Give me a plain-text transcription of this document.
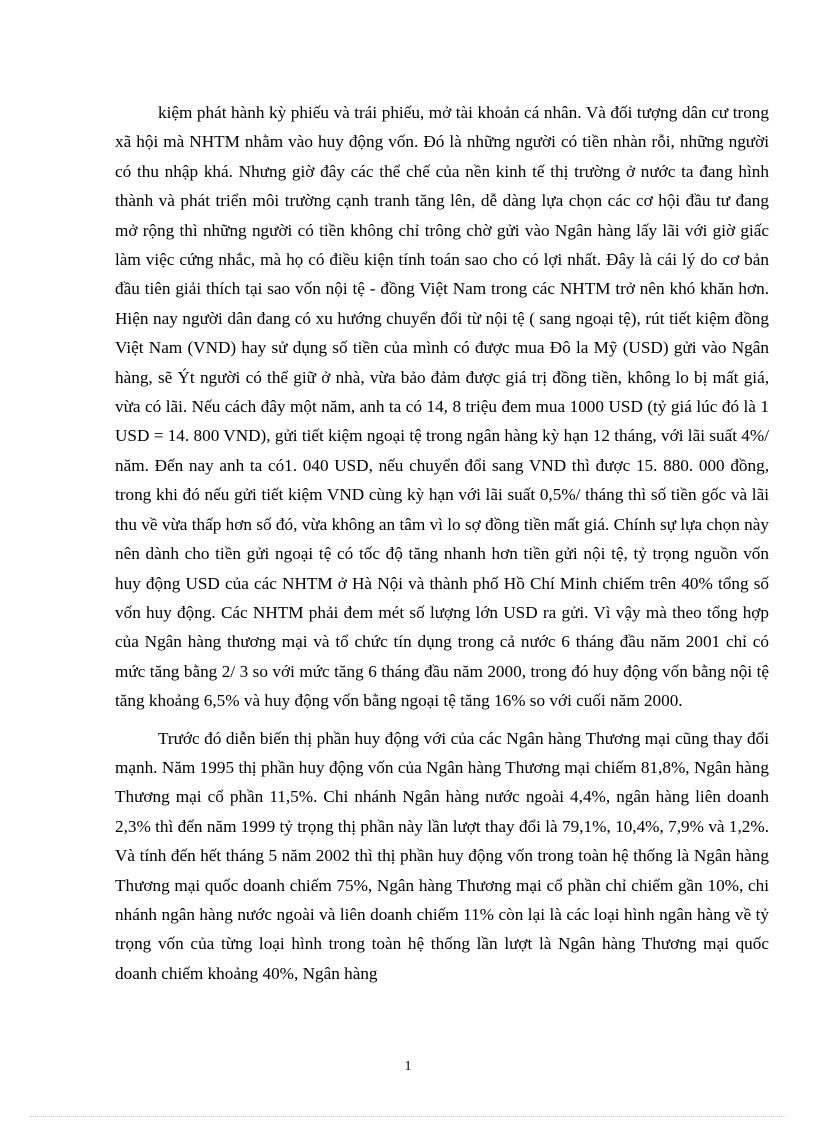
kiệm phát hành kỳ phiếu và trái phiếu, mở tài khoản cá nhân. Và đối tượng dân cư trong xã hội mà NHTM nhằm vào huy động vốn. Đó là những người có tiền nhàn rỗi, những người có thu nhập khá. Nhưng giờ đây các thể chế của nền kinh tế thị trường ở nước ta đang hình thành và phát triển môi trường cạnh tranh tăng lên, dễ dàng lựa chọn các cơ hội đầu tư đang mở rộng thì những người có tiền không chỉ trông chờ gửi vào Ngân hàng lấy lãi với giờ giấc làm việc cứng nhắc, mà họ có điều kiện tính toán sao cho có lợi nhất. Đây là cái lý do cơ bản đầu tiên giải thích tại sao vốn nội tệ - đồng Việt Nam trong các NHTM trở nên khó khăn hơn. Hiện nay người dân đang có xu hướng chuyển đổi từ nội tệ ( sang ngoại tệ), rút tiết kiệm đồng Việt Nam (VND) hay sử dụng số tiền của mình có được mua Đô la Mỹ (USD) gửi vào Ngân hàng, sẽ Ýt người có thể giữ ở nhà, vừa bảo đảm được giá trị đồng tiền, không lo bị mất giá, vừa có lãi. Nếu cách đây một năm, anh ta có 14, 8 triệu đem mua 1000 USD (tỷ giá lúc đó là 1 USD = 14. 800 VND), gửi tiết kiệm ngoại tệ trong ngân hàng kỳ hạn 12 tháng, với lãi suất 4%/ năm. Đến nay anh ta có1. 040 USD, nếu chuyển đổi sang VND thì được 15. 880. 000 đồng, trong khi đó nếu gửi tiết kiệm VND cùng kỳ hạn với lãi suất 0,5%/ tháng thì số tiền gốc và lãi thu về vừa thấp hơn số đó, vừa không an tâm vì lo sợ đồng tiền mất giá. Chính sự lựa chọn này nên dành cho tiền gửi ngoại tệ có tốc độ tăng nhanh hơn tiền gửi nội tệ, tỷ trọng nguồn vốn huy động USD của các NHTM ở Hà Nội và thành phố Hồ Chí Minh chiếm trên 40% tổng số vốn huy động. Các NHTM phải đem mét số lượng lớn USD ra gửi. Vì vậy mà theo tổng hợp của Ngân hàng thương mại và tổ chức tín dụng trong cả nước 6 tháng đầu năm 2001 chỉ có mức tăng bằng 2/ 3 so với mức tăng 6 tháng đầu năm 2000, trong đó huy động vốn bằng nội tệ tăng khoảng 6,5% và huy động vốn bằng ngoại tệ tăng 16% so với cuối năm 2000.

Trước đó diễn biến thị phần huy động với của các Ngân hàng Thương mại cũng thay đổi mạnh. Năm 1995 thị phần huy động vốn của Ngân hàng Thương mại chiếm 81,8%, Ngân hàng Thương mại cổ phần 11,5%. Chi nhánh Ngân hàng nước ngoài 4,4%, ngân hàng liên doanh 2,3% thì đến năm 1999 tỷ trọng thị phần này lần lượt thay đổi là 79,1%, 10,4%, 7,9% và 1,2%. Và tính đến hết tháng 5 năm 2002 thì thị phần huy động vốn trong toàn hệ thống là Ngân hàng Thương mại quốc doanh chiếm 75%, Ngân hàng Thương mại cổ phần chỉ chiếm gần 10%, chi nhánh ngân hàng nước ngoài và liên doanh chiếm 11% còn lại là các loại hình ngân hàng về tỷ trọng vốn của từng loại hình trong toàn hệ thống lần lượt là Ngân hàng Thương mại quốc doanh chiếm khoảng 40%, Ngân hàng

1
